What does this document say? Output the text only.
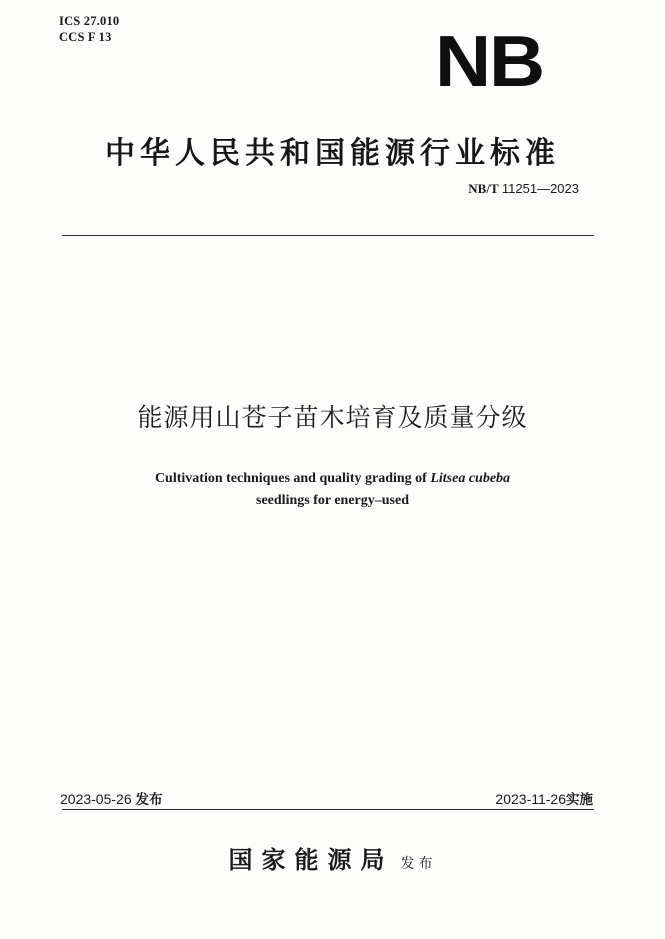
ICS 27.010
CCS F 13	NB
中华人民共和国能源行业标准
NB/T 11251—2023
能源用山苍子苗木培育及质量分级
Cultivation techniques and quality grading of Litsea cubeba
seedlings for energy–used
2023-05-26 发布	2023-11-26实施
国家能源局 发布
